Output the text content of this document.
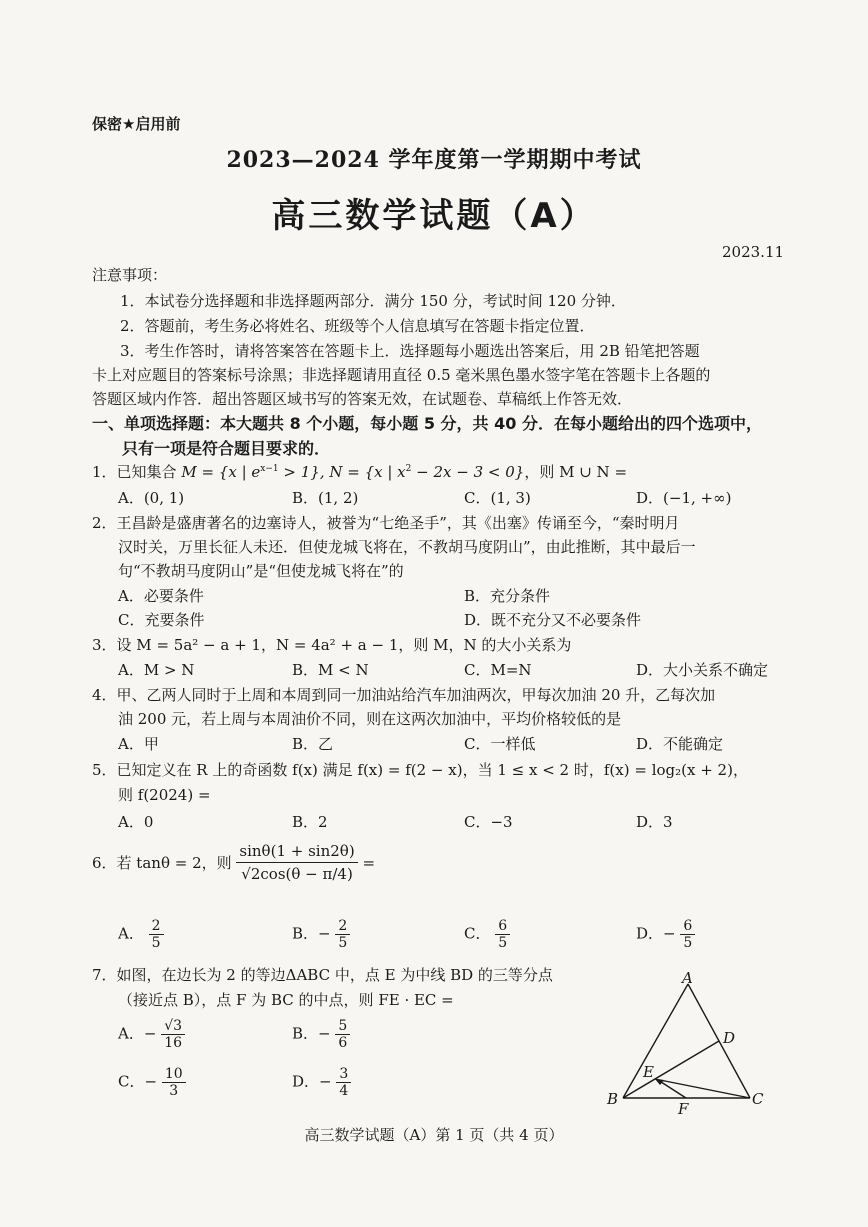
保密★启用前
2023—2024 学年度第一学期期中考试
高三数学试题（A）
2023.11
注意事项：
1．本试卷分选择题和非选择题两部分．满分 150 分，考试时间 120 分钟．
2．答题前，考生务必将姓名、班级等个人信息填写在答题卡指定位置．
3．考生作答时，请将答案答在答题卡上．选择题每小题选出答案后，用 2B 铅笔把答题
卡上对应题目的答案标号涂黑；非选择题请用直径 0.5 毫米黑色墨水签字笔在答题卡上各题的
答题区域内作答．超出答题区域书写的答案无效，在试题卷、草稿纸上作答无效．
一、单项选择题：本大题共 8 个小题，每小题 5 分，共 40 分．在每小题给出的四个选项中，
只有一项是符合题目要求的．
1．已知集合 M = {x | $e^{x-1} > 1$}, N = {x | $x^2 - 2x - 3 < 0$}，则 M ∪ N =
A．(0, 1)	B．(1, 2)	C．(1, 3)	D．(−1, +∞)
2．王昌龄是盛唐著名的边塞诗人，被誉为“七绝圣手”，其《出塞》传诵至今，“秦时明月
汉时关，万里长征人未还．但使龙城飞将在，不教胡马度阴山”，由此推断，其中最后一
句“不教胡马度阴山”是“但使龙城飞将在”的
A．必要条件	B．充分条件
C．充要条件	D．既不充分又不必要条件
3．设 M = 5a² − a + 1，N = 4a² + a − 1，则 M，N 的大小关系为
A．M > N	B．M < N	C．M=N	D．大小关系不确定
4．甲、乙两人同时于上周和本周到同一加油站给汽车加油两次，甲每次加油 20 升，乙每次加
油 200 元，若上周与本周油价不同，则在这两次加油中，平均价格较低的是
A．甲	B．乙	C．一样低	D．不能确定
5．已知定义在 R 上的奇函数 f(x) 满足 f(x) = f(2 − x)，当 1 ≤ x < 2 时，f(x) = log₂(x + 2)，
则 f(2024) =
A．0	B．2	C．−3	D．3
6．若 tanθ = 2，则 $\frac{\sin\theta(1 + \sin 2\theta)}{√2\cos(\theta - \pi/4)}$ =
A． $\frac{2}{5}$	B．− $\frac{2}{5}$	C． $\frac{6}{5}$	D．− $\frac{6}{5}$
7．如图，在边长为 2 的等边ΔABC 中，点 E 为中线 BD 的三等分点
（接近点 B），点 F 为 BC 的中点，则 FE · EC =
A．− $\frac{√3}{16}$	B．− $\frac{5}{6}$
C．− $\frac{10}{3}$	D．− $\frac{3}{4}$
A
B	C
D
E
F
高三数学试题（A）第 1 页（共 4 页）
